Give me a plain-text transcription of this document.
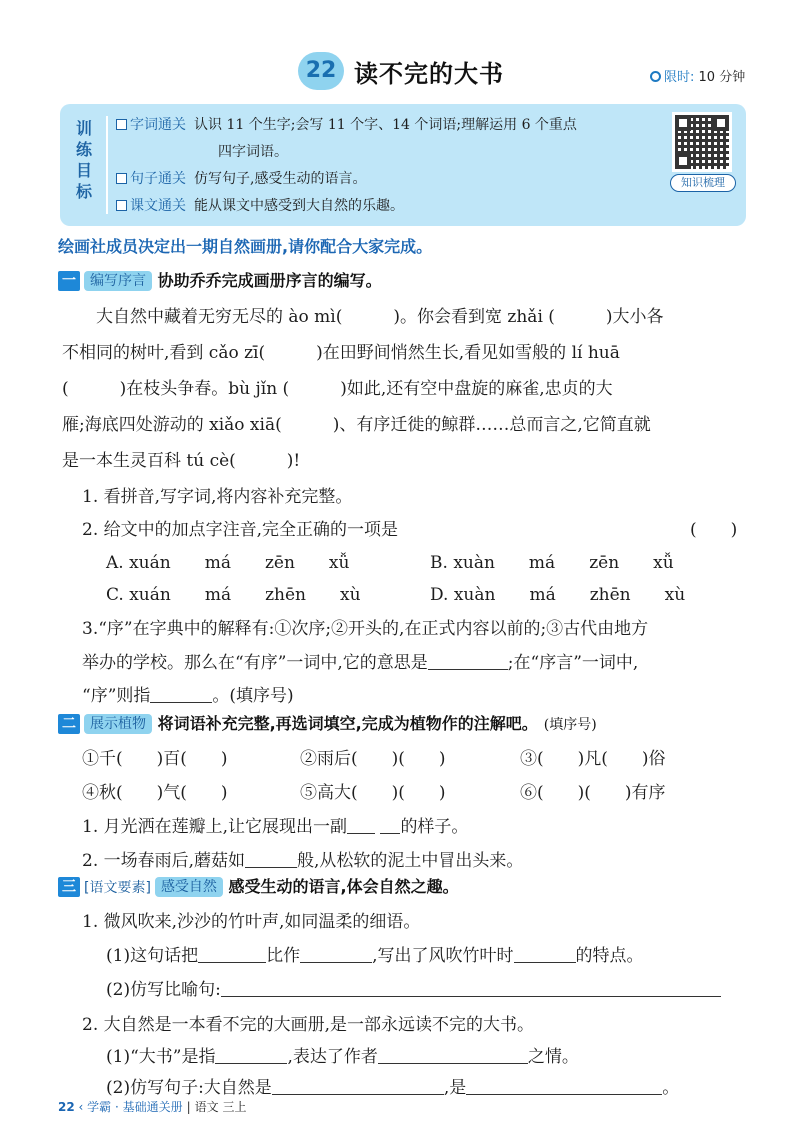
22 读不完的大书	限时: 10 分钟
训
练
目
标
字词通关 认识 11 个生字;会写 11 个字、14 个词语;理解运用 6 个重点
四字词语。
句子通关 仿写句子,感受生动的语言。
课文通关 能从课文中感受到大自然的乐趣。
知识梳理
绘画社成员决定出一期自然画册,请你配合大家完成。
一 编写序言 协助乔乔完成画册序言的编写。
大自然中藏着无穷无尽的 ào mì(　　　)。你会看到宽 zhǎi (　　　)大小各
不相同的树叶,看到 cǎo zī(　　　)在田野间悄然生长,看见如雪般的 lí huā
(　　　)在枝头争春。bù jǐn (　　　)如此,还有空中盘旋的麻雀,忠贞的大
雁;海底四处游动的 xiǎo xiā(　　　)、有序迁徙的鲸群……总而言之,它简直就
是一本生灵百科 tú cè(　　　)!
1. 看拼音,写字词,将内容补充完整。
2. 给文中的加点字注音,完全正确的一项是	(　　)
A. xuán　　má　　zēn　　xǚ	B. xuàn　　má　　zēn　　xǚ
C. xuán　　má　　zhēn　　xù	D. xuàn　　má　　zhēn　　xù
3.“序”在字典中的解释有:①次序;②开头的,在正式内容以前的;③古代由地方
举办的学校。那么在“有序”一词中,它的意思是	;在“序言”一词中,
“序”则指	。(填序号)
二 展示植物 将词语补充完整,再选词填空,完成为植物作的注解吧。 (填序号)
①千(　　)百(　　)	②雨后(　　)(　　)	③(　　)凡(　　)俗
④秋(　　)气(　　)	⑤高大(　　)(　　)	⑥(　　)(　　)有序
1. 月光洒在莲瓣上,让它展现出一副	的样子。
2. 一场春雨后,蘑菇如	般,从松软的泥土中冒出头来。
三 [语文要素] 感受自然 感受生动的语言,体会自然之趣。
1. 微风吹来,沙沙的竹叶声,如同温柔的细语。
(1)这句话把	比作	,写出了风吹竹叶时	的特点。
(2)仿写比喻句:
2. 大自然是一本看不完的大画册,是一部永远读不完的大书。
(1)“大书”是指	,表达了作者	之情。
(2)仿写句子:大自然是	,是	。
22 ‹ 学霸 · 基础通关册 | 语文 三上
